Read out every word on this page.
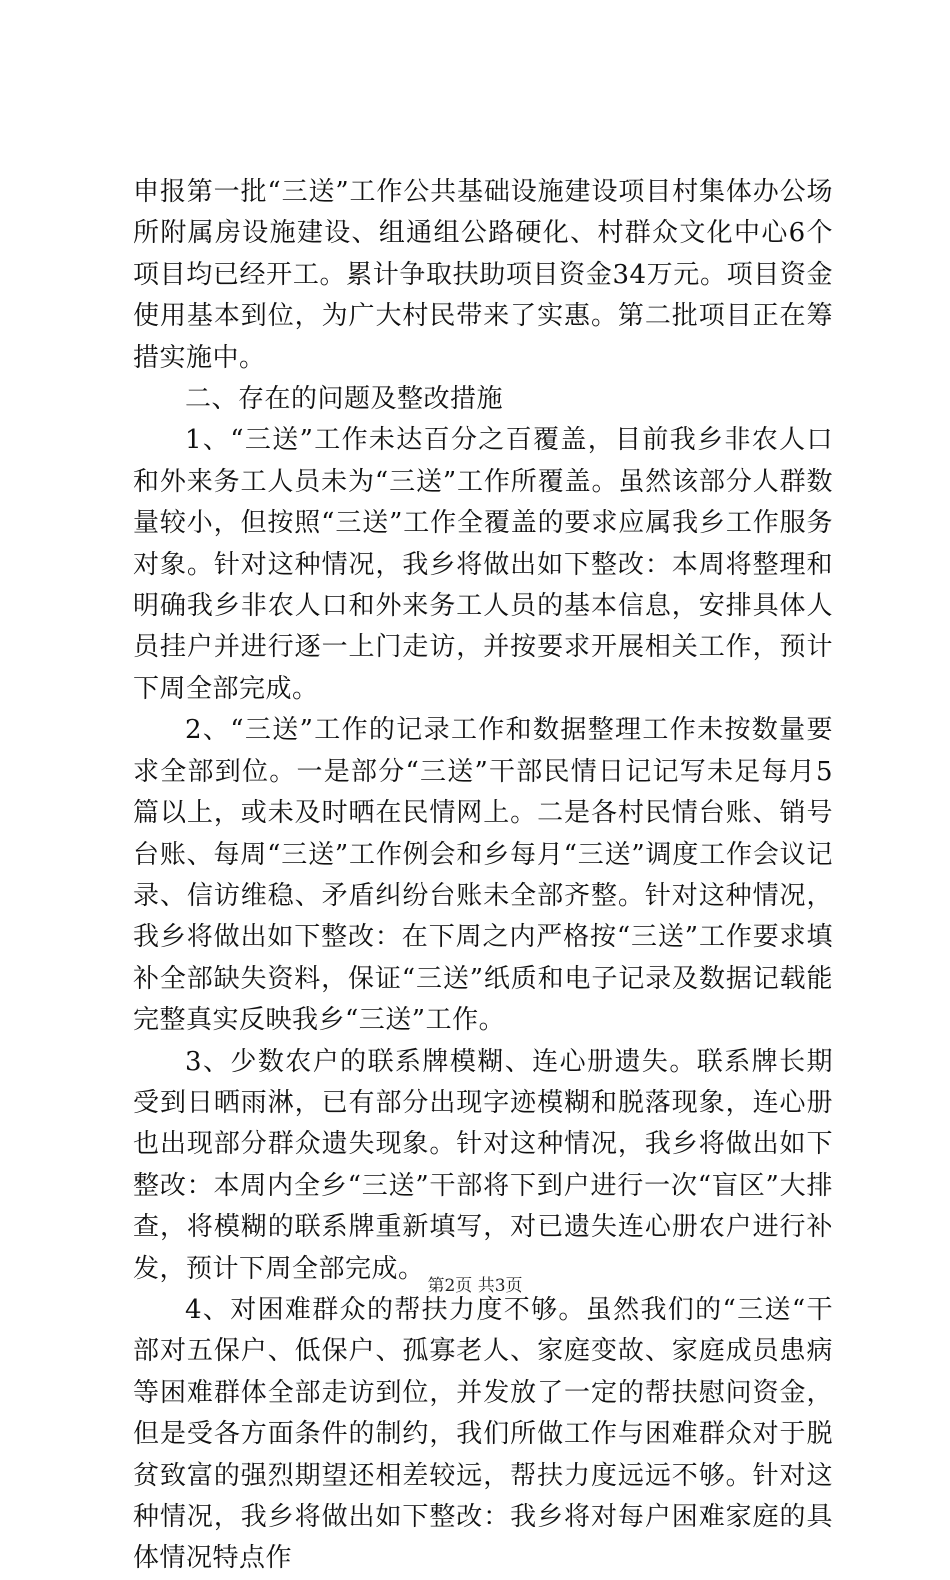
申报第一批“三送”工作公共基础设施建设项目村集体办公场所附属房设施建设、组通组公路硬化、村群众文化中心6个项目均已经开工。累计争取扶助项目资金34万元。项目资金使用基本到位，为广大村民带来了实惠。第二批项目正在筹措实施中。

二、存在的问题及整改措施

1、“三送”工作未达百分之百覆盖，目前我乡非农人口和外来务工人员未为“三送”工作所覆盖。虽然该部分人群数量较小，但按照“三送”工作全覆盖的要求应属我乡工作服务对象。针对这种情况，我乡将做出如下整改：本周将整理和明确我乡非农人口和外来务工人员的基本信息，安排具体人员挂户并进行逐一上门走访，并按要求开展相关工作，预计下周全部完成。

2、“三送”工作的记录工作和数据整理工作未按数量要求全部到位。一是部分“三送”干部民情日记记写未足每月5篇以上，或未及时晒在民情网上。二是各村民情台账、销号台账、每周“三送”工作例会和乡每月“三送”调度工作会议记录、信访维稳、矛盾纠纷台账未全部齐整。针对这种情况，我乡将做出如下整改：在下周之内严格按“三送”工作要求填补全部缺失资料，保证“三送”纸质和电子记录及数据记载能完整真实反映我乡“三送”工作。

3、少数农户的联系牌模糊、连心册遗失。联系牌长期受到日晒雨淋，已有部分出现字迹模糊和脱落现象，连心册也出现部分群众遗失现象。针对这种情况，我乡将做出如下整改：本周内全乡“三送”干部将下到户进行一次“盲区”大排查，将模糊的联系牌重新填写，对已遗失连心册农户进行补发，预计下周全部完成。

4、对困难群众的帮扶力度不够。虽然我们的“三送“干部对五保户、低保户、孤寡老人、家庭变故、家庭成员患病等困难群体全部走访到位，并发放了一定的帮扶慰问资金，但是受各方面条件的制约，我们所做工作与困难群众对于脱贫致富的强烈期望还相差较远，帮扶力度远远不够。针对这种情况，我乡将做出如下整改：我乡将对每户困难家庭的具体情况特点作

第2页 共3页
